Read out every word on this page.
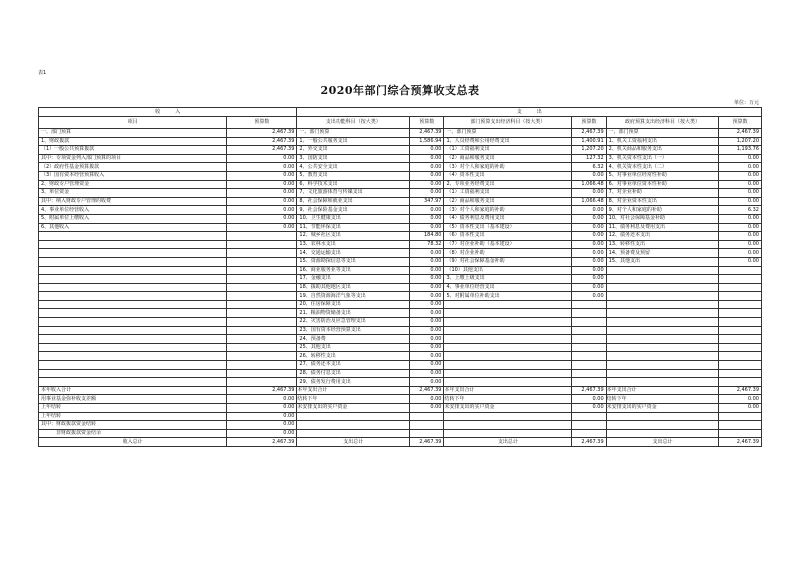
表1
2020年部门综合预算收支总表
单位：万元
收　　　入		支　　　出					
项目	预算数	支出功能科目（按大类）	预算数	部门预算支出经济科目（按大类）	预算数	政府预算支出经济科目（按大类）	预算数
一、部门预算	2,467.39	一、部门预算	2,467.39	一、部门预算	2,467.39	一、部门预算	2,467.39
1、财政拨款	2,467.39	1、一般公共服务支出	1,586.94	1、人员经费和公用经费支出	1,400.91	1、机关工资福利支出	1,207.20
（1）一般公共预算拨款	2,467.39	2、外交支出	0.00	（1）工资福利支出	1,207.20	2、机关商品和服务支出	1,193.76
其中：专项资金列入部门预算的项目	0.00	3、国防支出	0.00	（2）商品和服务支出	127.32	3、机关资本性支出（一）	0.00
（2）政府性基金预算拨款	0.00	4、公共安全支出	0.00	（3）对个人和家庭的补助	6.32	4、机关资本性支出（二）	0.00
（3）国有资本经营预算收入	0.00	5、教育支出	0.00	（4）资本性支出	0.00	5、对事业单位经常性补助	0.00
2、财政专户管理资金	0.00	6、科学技术支出	0.00	2、专项业务经费支出	1,066.48	6、对事业单位资本性补助	0.00
3、单位资金	0.00	7、文化旅游体育与传媒支出	0.00	（1）工资福利支出	0.00	7、对企业补助	0.00
其中：纳入财政专户管理的收费	0.00	8、社会保障和就业支出	347.97	（2）商品和服务支出	1,066.48	8、对企业资本性支出	0.00
4、事业单位经营收入	0.00	9、社会保险基金支出	0.00	（3）对个人和家庭的补助	0.00	9、对个人和家庭的补助	6.32
5、附属单位上缴收入	0.00	10、卫生健康支出	0.00	（4）债务利息及费用支出	0.00	10、对社会保障基金补助	0.00
6、其他收入	0.00	11、节能环保支出	0.00	（5）资本性支出（基本建设）	0.00	11、债务利息及费用支出	0.00
		12、城乡社区支出	184.80	（6）资本性支出	0.00	12、债务还本支出	0.00
		13、农林水支出	78.32	（7）对企业补助（基本建设）	0.00	13、转移性支出	0.00
		14、交通运输支出	0.00	（8）对企业补助	0.00	14、预备费及预留	0.00
		15、资源勘探信息等支出	0.00	（9）对社会保障基金补助	0.00	15、其他支出	0.00
		16、商业服务业等支出	0.00	（10）其他支出	0.00		
		17、金融支出	0.00	3、上缴上级支出	0.00		
		18、援助其他地区支出	0.00	4、事业单位经营支出	0.00		
		19、自然资源海洋气象等支出	0.00	5、对附属单位补助支出	0.00		
		20、住房保障支出	0.00				
		21、粮油物资储备支出	0.00				
		22、灾害防治及应急管理支出	0.00				
		23、国有资本经营预算支出	0.00				
		24、预备费	0.00				
		25、其他支出	0.00				
		26、转移性支出	0.00				
		27、债务还本支出	0.00				
		28、债务付息支出	0.00				
		29、债务发行费用支出	0.00				
本年收入合计	2,467.39	本年支出合计	2,467.39	本年支出合计	2,467.39	本年支出合计	2,467.39
用事业基金弥补收支差额	0.00	结转下年	0.00	结转下年	0.00	结转下年	0.00
上年结转	0.00	未安排支出的实户资金	0.00	未安排支出的实户资金	0.00	未安排支出的实户资金	0.00
上年结转	0.00						
其中：财政拨款资金结转	0.00						
　　　非财政拨款资金结余	0.00						
收入总计	2,467.39	支出总计	2,467.39	支出总计	2,467.39	支出总计	2,467.39
